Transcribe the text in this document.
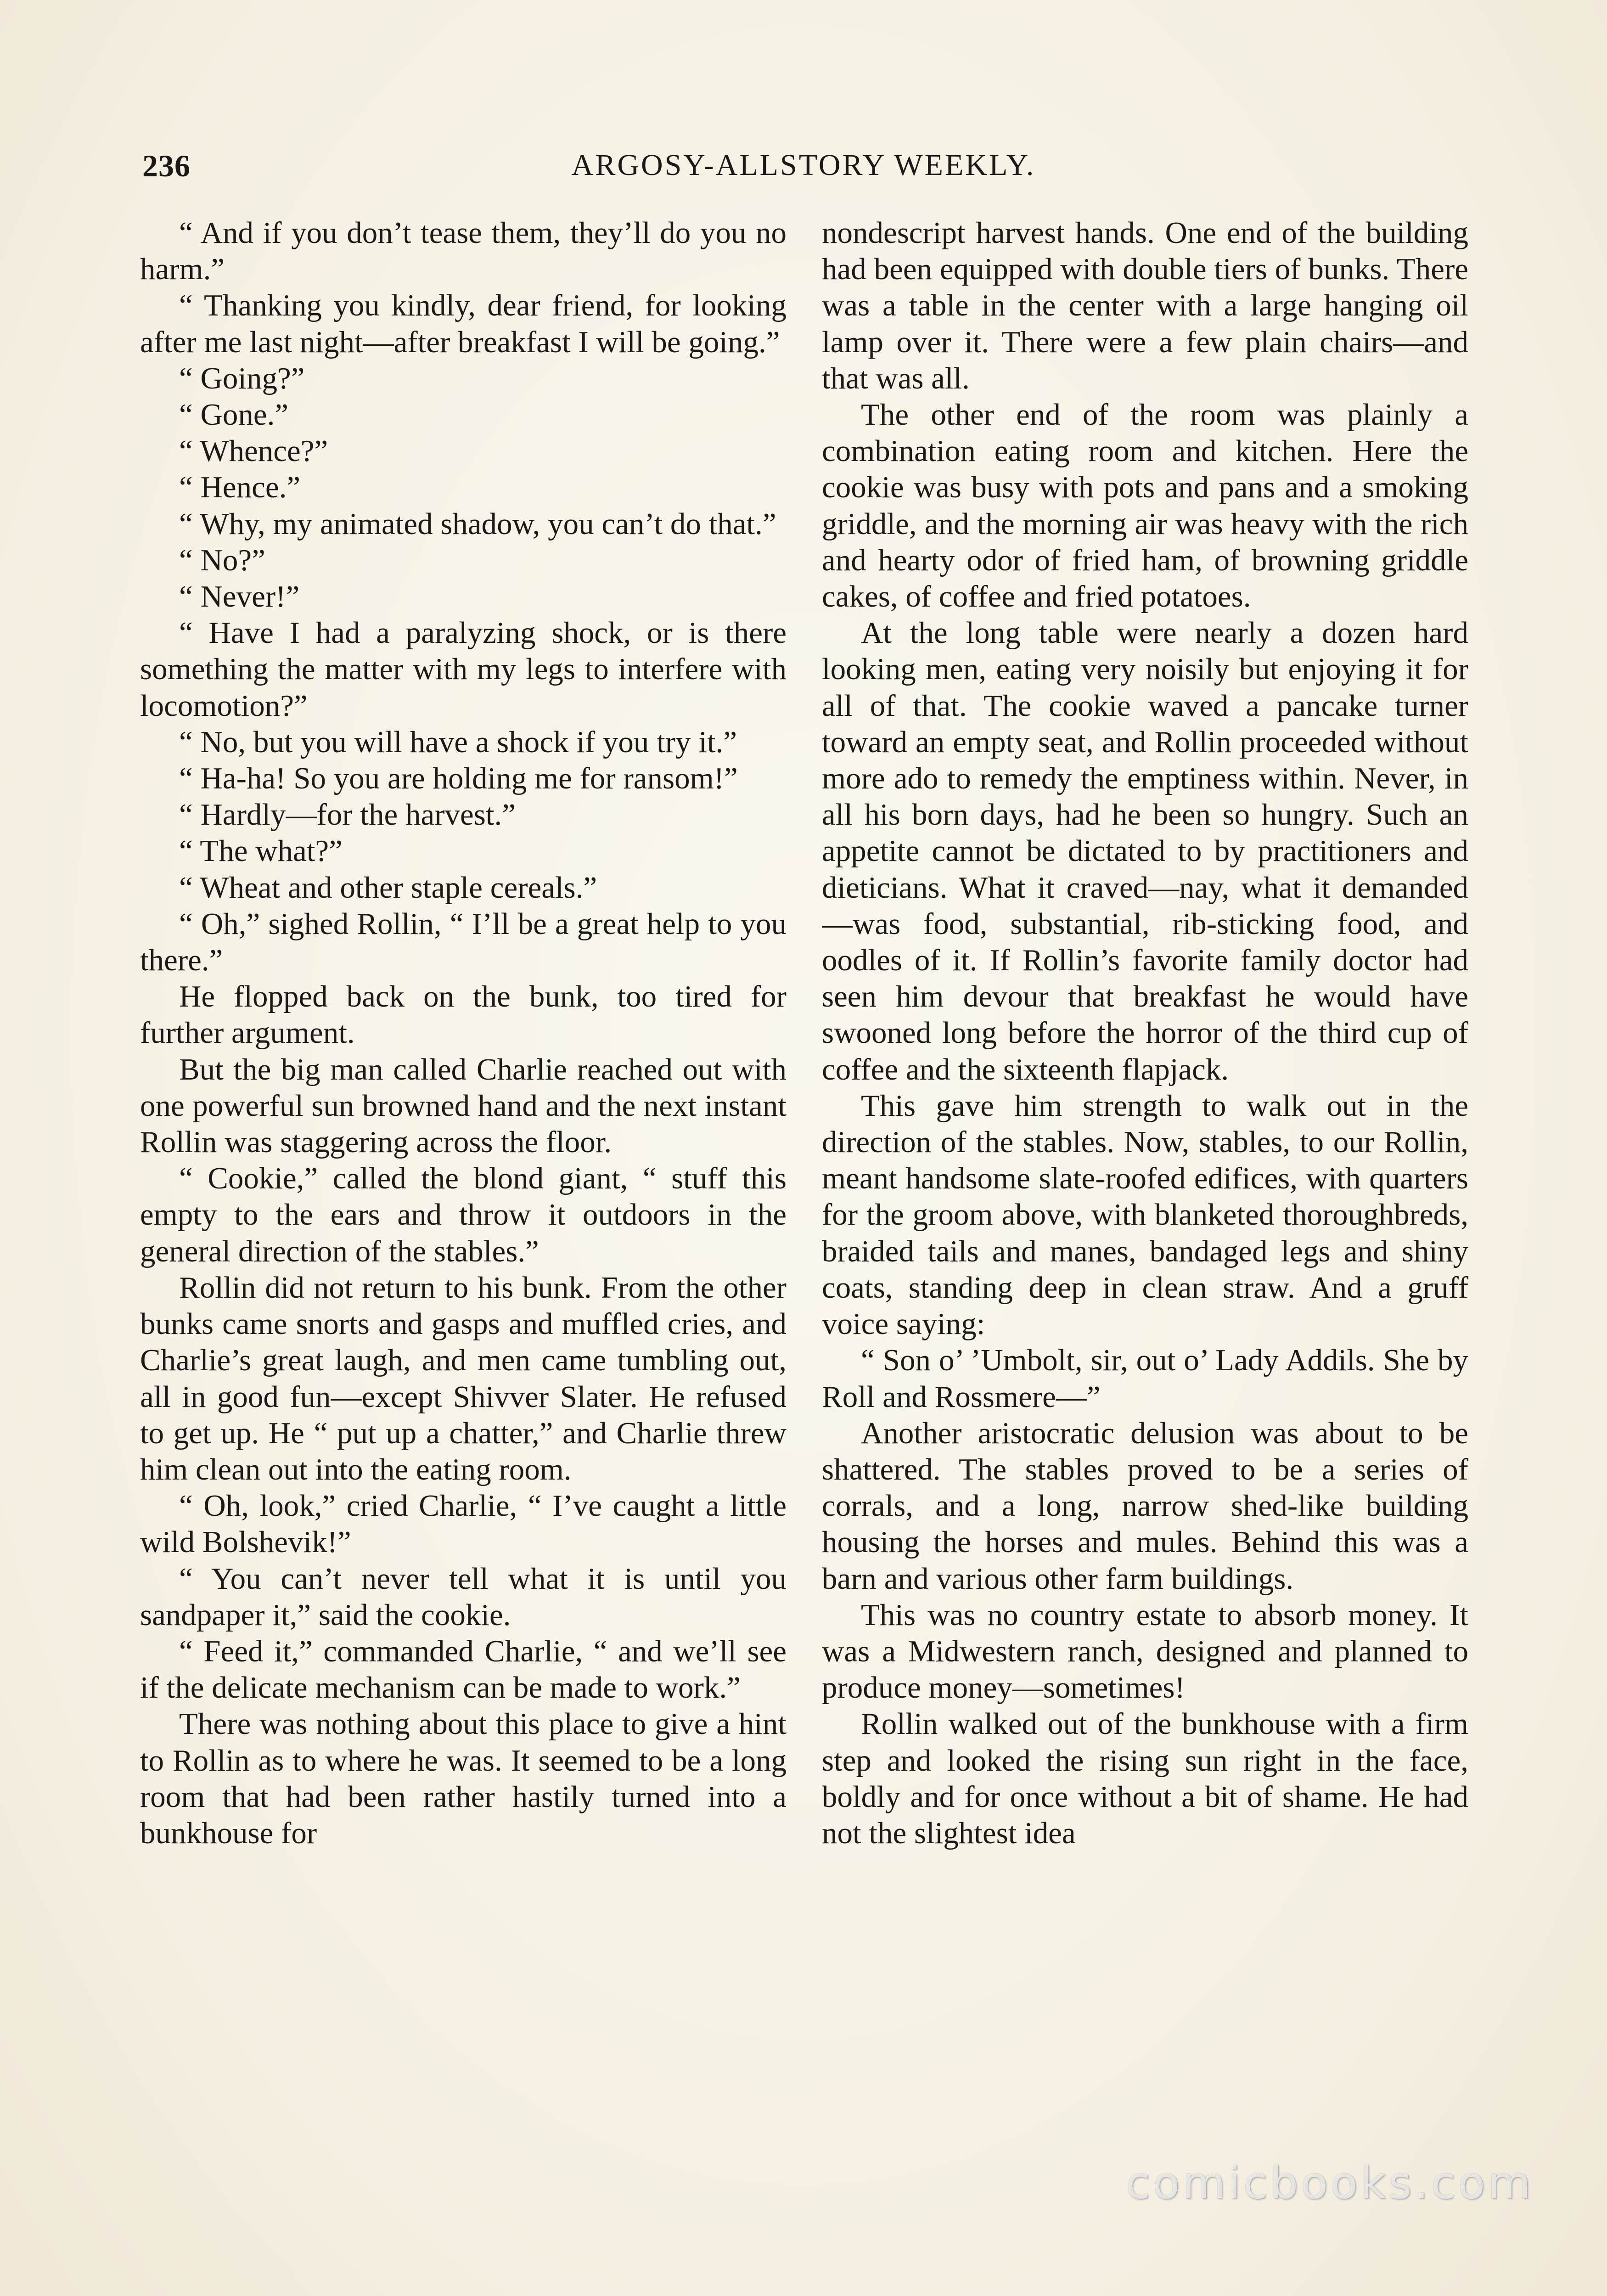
236	ARGOSY-ALLSTORY WEEKLY.

“ And if you don’t tease them, they’ll do you no harm.”

“ Thanking you kindly, dear friend, for looking after me last night—after breakfast I will be going.”

“ Going?”

“ Gone.”

“ Whence?”

“ Hence.”

“ Why, my animated shadow, you can’t do that.”

“ No?”

“ Never!”

“ Have I had a paralyzing shock, or is there something the matter with my legs to interfere with locomotion?”

“ No, but you will have a shock if you try it.”

“ Ha-ha! So you are holding me for ransom!”

“ Hardly—for the harvest.”

“ The what?”

“ Wheat and other staple cereals.”

“ Oh,” sighed Rollin, “ I’ll be a great help to you there.”

He flopped back on the bunk, too tired for further argument.

But the big man called Charlie reached out with one powerful sun browned hand and the next instant Rollin was staggering across the floor.

“ Cookie,” called the blond giant, “ stuff this empty to the ears and throw it outdoors in the general direction of the stables.”

Rollin did not return to his bunk. From the other bunks came snorts and gasps and muffled cries, and Charlie’s great laugh, and men came tumbling out, all in good fun—except Shivver Slater. He refused to get up. He “ put up a chatter,” and Charlie threw him clean out into the eating room.

“ Oh, look,” cried Charlie, “ I’ve caught a little wild Bolshevik!”

“ You can’t never tell what it is until you sandpaper it,” said the cookie.

“ Feed it,” commanded Charlie, “ and we’ll see if the delicate mechanism can be made to work.”

There was nothing about this place to give a hint to Rollin as to where he was. It seemed to be a long room that had been rather hastily turned into a bunkhouse for

nondescript harvest hands. One end of the building had been equipped with double tiers of bunks. There was a table in the center with a large hanging oil lamp over it. There were a few plain chairs—and that was all.

The other end of the room was plainly a combination eating room and kitchen. Here the cookie was busy with pots and pans and a smoking griddle, and the morning air was heavy with the rich and hearty odor of fried ham, of browning griddle cakes, of coffee and fried potatoes.

At the long table were nearly a dozen hard looking men, eating very noisily but enjoying it for all of that. The cookie waved a pancake turner toward an empty seat, and Rollin proceeded without more ado to remedy the emptiness within. Never, in all his born days, had he been so hungry. Such an appetite cannot be dictated to by practitioners and dieticians. What it craved—nay, what it demanded—was food, substantial, rib-sticking food, and oodles of it. If Rollin’s favorite family doctor had seen him devour that breakfast he would have swooned long before the horror of the third cup of coffee and the sixteenth flapjack.

This gave him strength to walk out in the direction of the stables. Now, stables, to our Rollin, meant handsome slate-roofed edifices, with quarters for the groom above, with blanketed thoroughbreds, braided tails and manes, bandaged legs and shiny coats, standing deep in clean straw. And a gruff voice saying:

“ Son o’ ’Umbolt, sir, out o’ Lady Addils. She by Roll and Rossmere—”

Another aristocratic delusion was about to be shattered. The stables proved to be a series of corrals, and a long, narrow shed-like building housing the horses and mules. Behind this was a barn and various other farm buildings.

This was no country estate to absorb money. It was a Midwestern ranch, designed and planned to produce money—sometimes!

Rollin walked out of the bunkhouse with a firm step and looked the rising sun right in the face, boldly and for once without a bit of shame. He had not the slightest idea

comicbooks.com
